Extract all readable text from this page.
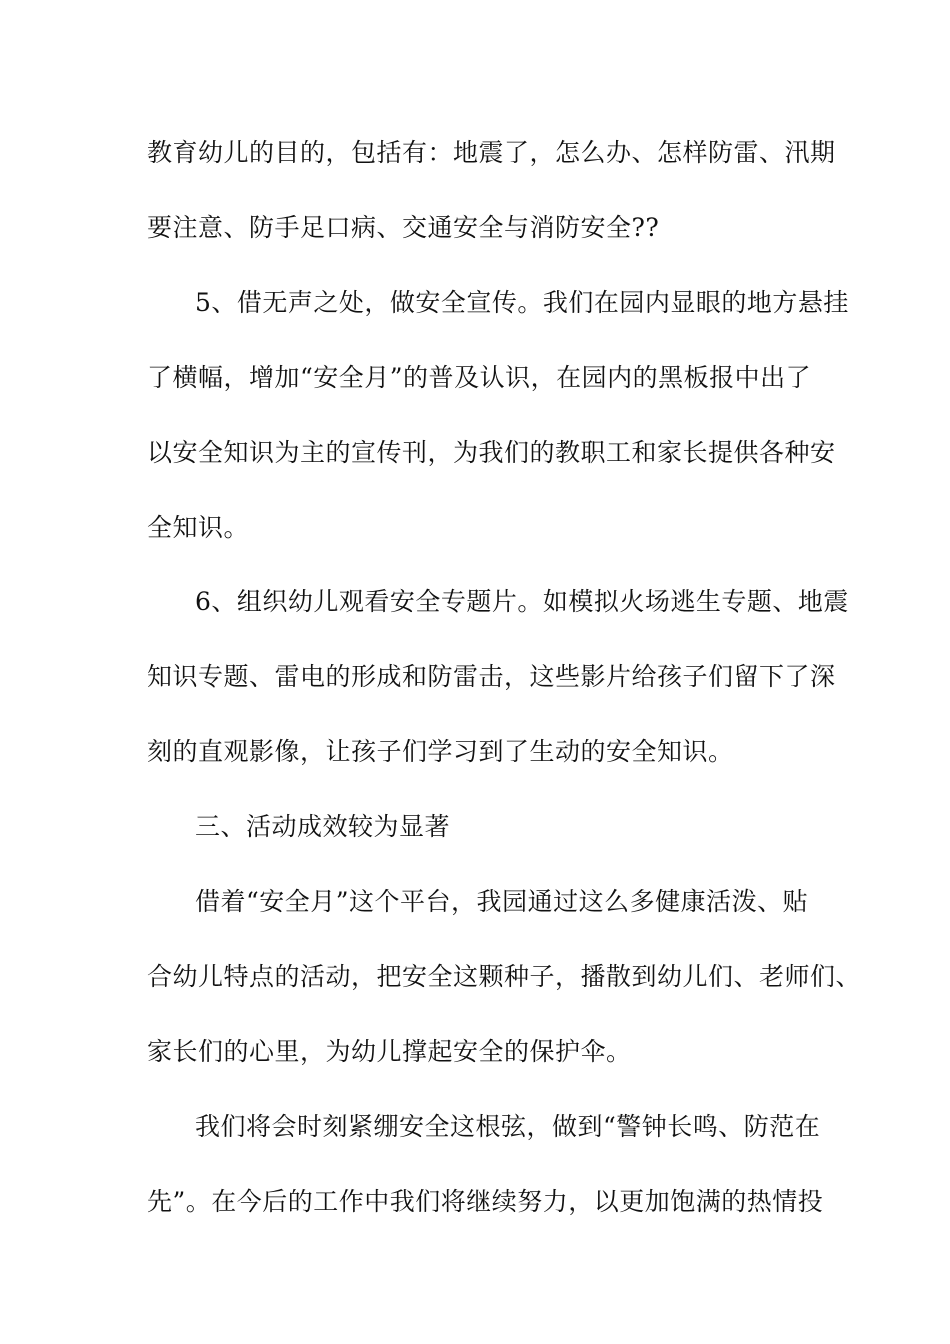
教育幼儿的目的，包括有：地震了，怎么办、怎样防雷、汛期
要注意、防手足口病、交通安全与消防安全??
5、借无声之处，做安全宣传。我们在园内显眼的地方悬挂
了横幅，增加“安全月”的普及认识，在园内的黑板报中出了
以安全知识为主的宣传刊，为我们的教职工和家长提供各种安
全知识。
6、组织幼儿观看安全专题片。如模拟火场逃生专题、地震
知识专题、雷电的形成和防雷击，这些影片给孩子们留下了深
刻的直观影像，让孩子们学习到了生动的安全知识。
三、活动成效较为显著
借着“安全月”这个平台，我园通过这么多健康活泼、贴
合幼儿特点的活动，把安全这颗种子，播散到幼儿们、老师们、
家长们的心里，为幼儿撑起安全的保护伞。
我们将会时刻紧绷安全这根弦，做到“警钟长鸣、防范在
先”。在今后的工作中我们将继续努力，以更加饱满的热情投
